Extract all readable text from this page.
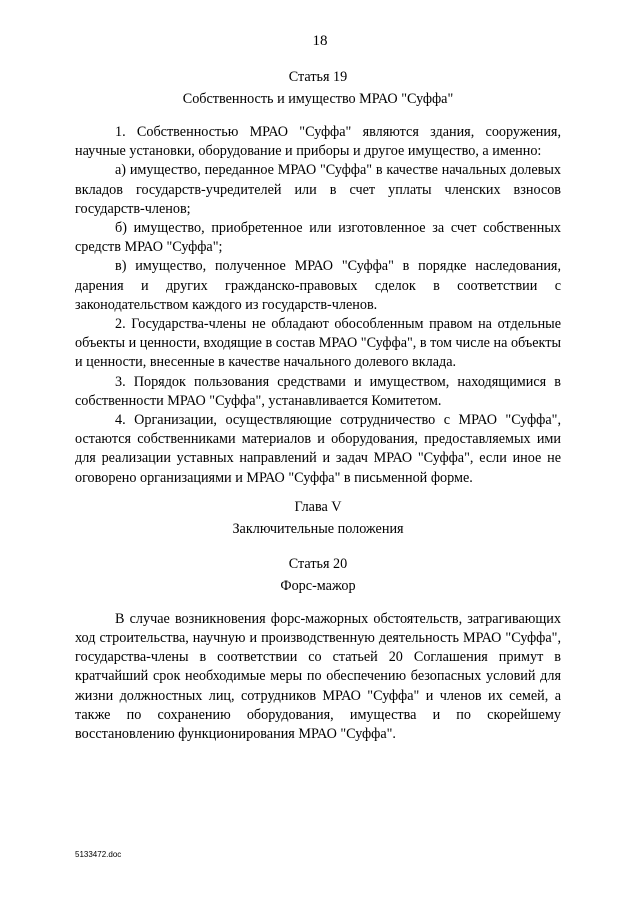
18
Статья 19
Собственность и имущество МРАО "Суффа"

1. Собственностью МРАО "Суффа" являются здания, сооружения, научные установки, оборудование и приборы и другое имущество, а именно:

а) имущество, переданное МРАО "Суффа" в качестве начальных долевых вкладов государств-учредителей или в счет уплаты членских взносов государств-членов;

б) имущество, приобретенное или изготовленное за счет собственных средств МРАО "Суффа";

в) имущество, полученное МРАО "Суффа" в порядке наследования, дарения и других гражданско-правовых сделок в соответствии с законодательством каждого из государств-членов.

2. Государства-члены не обладают обособленным правом на отдельные объекты и ценности, входящие в состав МРАО "Суффа", в том числе на объекты и ценности, внесенные в качестве начального долевого вклада.

3. Порядок пользования средствами и имуществом, находящимися в собственности МРАО "Суффа", устанавливается Комитетом.

4. Организации, осуществляющие сотрудничество с МРАО "Суффа", остаются собственниками материалов и оборудования, предоставляемых ими для реализации уставных направлений и задач МРАО "Суффа", если иное не оговорено организациями и МРАО "Суффа" в письменной форме.

Глава V
Заключительные положения
Статья 20
Форс-мажор

В случае возникновения форс-мажорных обстоятельств, затрагивающих ход строительства, научную и производственную деятельность МРАО "Суффа", государства-члены в соответствии со статьей 20 Соглашения примут в кратчайший срок необходимые меры по обеспечению безопасных условий для жизни должностных лиц, сотрудников МРАО "Суффа" и членов их семей, а также по сохранению оборудования, имущества и по скорейшему восстановлению функционирования МРАО "Суффа".

5133472.doc
